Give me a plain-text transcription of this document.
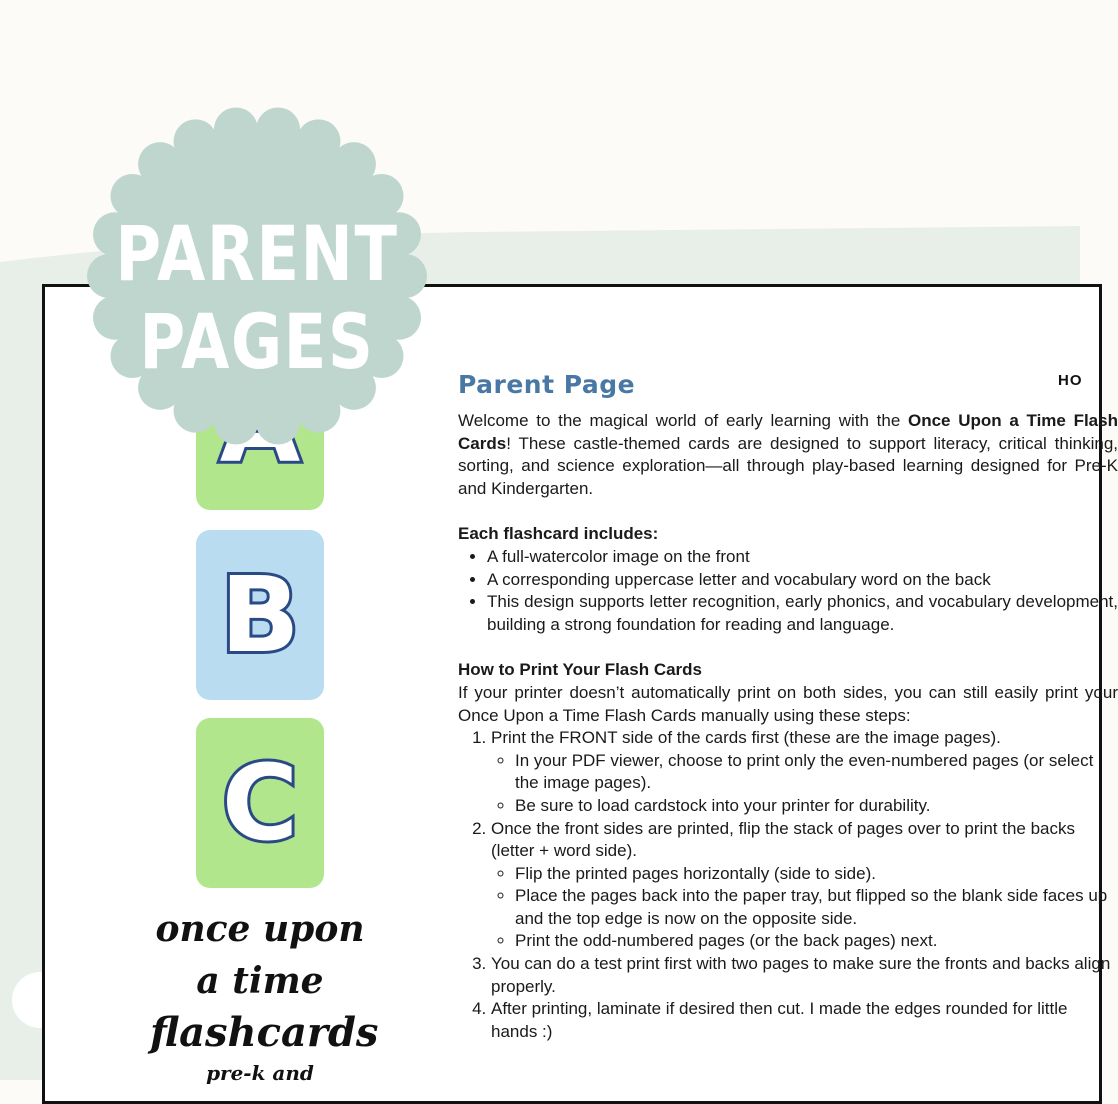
B
C
once upon
a time
flashcards
pre-k and
PARENT
PAGES	HO
Parent Page

Welcome to the magical world of early learning with the Once Upon a Time Flash Cards! These castle-themed cards are designed to support literacy, critical thinking, sorting, and science exploration—all through play-based learning designed for Pre-K and Kindergarten.

Each flashcard includes:

• A full-watercolor image on the front
• A corresponding uppercase letter and vocabulary word on the back
• This design supports letter recognition, early phonics, and vocabulary development, building a strong foundation for reading and language.

How to Print Your Flash Cards

If your printer doesn’t automatically print on both sides, you can still easily print your Once Upon a Time Flash Cards manually using these steps:

1. Print the FRONT side of the cards first (these are the image pages).
◦ In your PDF viewer, choose to print only the even-numbered pages (or select the image pages).
◦ Be sure to load cardstock into your printer for durability.
2. Once the front sides are printed, flip the stack of pages over to print the backs (letter + word side).
◦ Flip the printed pages horizontally (side to side).
◦ Place the pages back into the paper tray, but flipped so the blank side faces up and the top edge is now on the opposite side.
◦ Print the odd-numbered pages (or the back pages) next.
3. You can do a test print first with two pages to make sure the fronts and backs align properly.
4. After printing, laminate if desired then cut. I made the edges rounded for little hands :)
